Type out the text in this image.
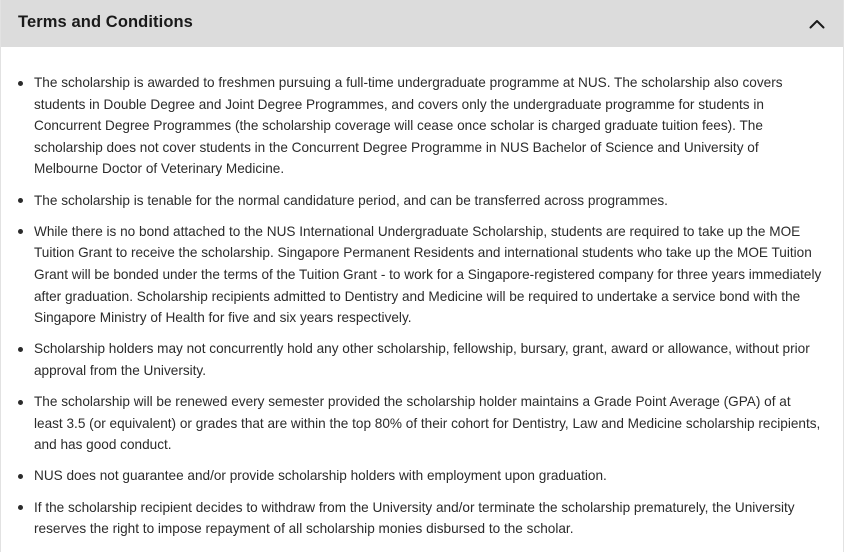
Terms and Conditions
The scholarship is awarded to freshmen pursuing a full-time undergraduate programme at NUS. The scholarship also covers students in Double Degree and Joint Degree Programmes, and covers only the undergraduate programme for students in Concurrent Degree Programmes (the scholarship coverage will cease once scholar is charged graduate tuition fees). The scholarship does not cover students in the Concurrent Degree Programme in NUS Bachelor of Science and University of Melbourne Doctor of Veterinary Medicine.
The scholarship is tenable for the normal candidature period, and can be transferred across programmes.
While there is no bond attached to the NUS International Undergraduate Scholarship, students are required to take up the MOE Tuition Grant to receive the scholarship. Singapore Permanent Residents and international students who take up the MOE Tuition Grant will be bonded under the terms of the Tuition Grant - to work for a Singapore-registered company for three years immediately after graduation. Scholarship recipients admitted to Dentistry and Medicine will be required to undertake a service bond with the Singapore Ministry of Health for five and six years respectively.
Scholarship holders may not concurrently hold any other scholarship, fellowship, bursary, grant, award or allowance, without prior approval from the University.
The scholarship will be renewed every semester provided the scholarship holder maintains a Grade Point Average (GPA) of at least 3.5 (or equivalent) or grades that are within the top 80% of their cohort for Dentistry, Law and Medicine scholarship recipients, and has good conduct.
NUS does not guarantee and/or provide scholarship holders with employment upon graduation.
If the scholarship recipient decides to withdraw from the University and/or terminate the scholarship prematurely, the University reserves the right to impose repayment of all scholarship monies disbursed to the scholar.
